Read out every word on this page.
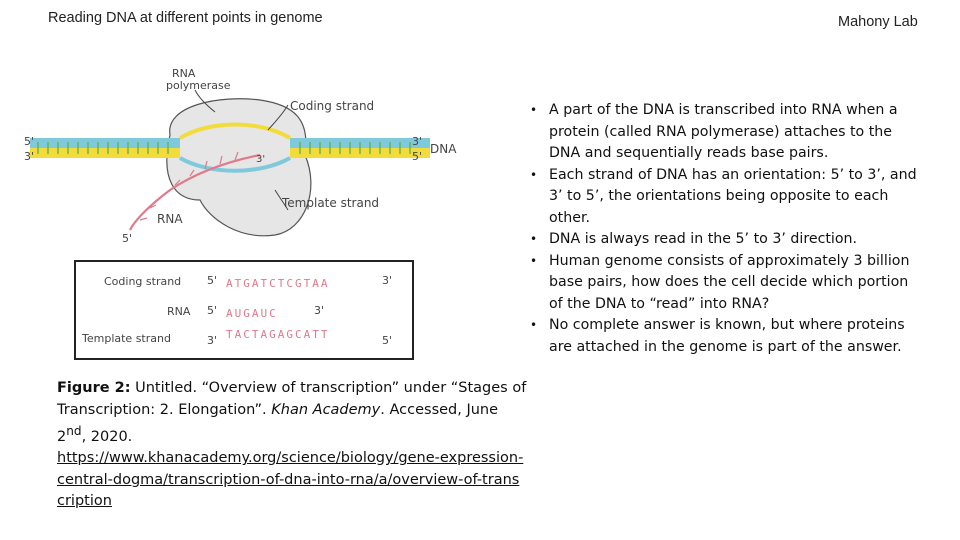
Reading DNA at different points in genome	Mahony Lab
RNA
polymerase
Coding strand
Template strand
DNA
RNA
5'
3'
3'
5'
3'
5'
Coding strand 5' ATGATCTCGTAA	3'
RNA 5' AUGAUC	3'
Template strand	3' TACTAGAGCATT	5'
Figure 2: Untitled. “Overview of transcription” under “Stages of Transcription: 2. Elongation”. Khan Academy. Accessed, June 2nd, 2020.
https://www.khanacademy.org/science/biology/gene-expression-central-dogma/transcription-of-dna-into-rna/a/overview-of-transcription
• A part of the DNA is transcribed into RNA when a protein (called RNA polymerase) attaches to the DNA and sequentially reads base pairs.
• Each strand of DNA has an orientation: 5’ to 3’, and 3’ to 5’, the orientations being opposite to each other.
• DNA is always read in the 5’ to 3’ direction.
• Human genome consists of approximately 3 billion base pairs, how does the cell decide which portion of the DNA to “read” into RNA?
• No complete answer is known, but where proteins are attached in the genome is part of the answer.
